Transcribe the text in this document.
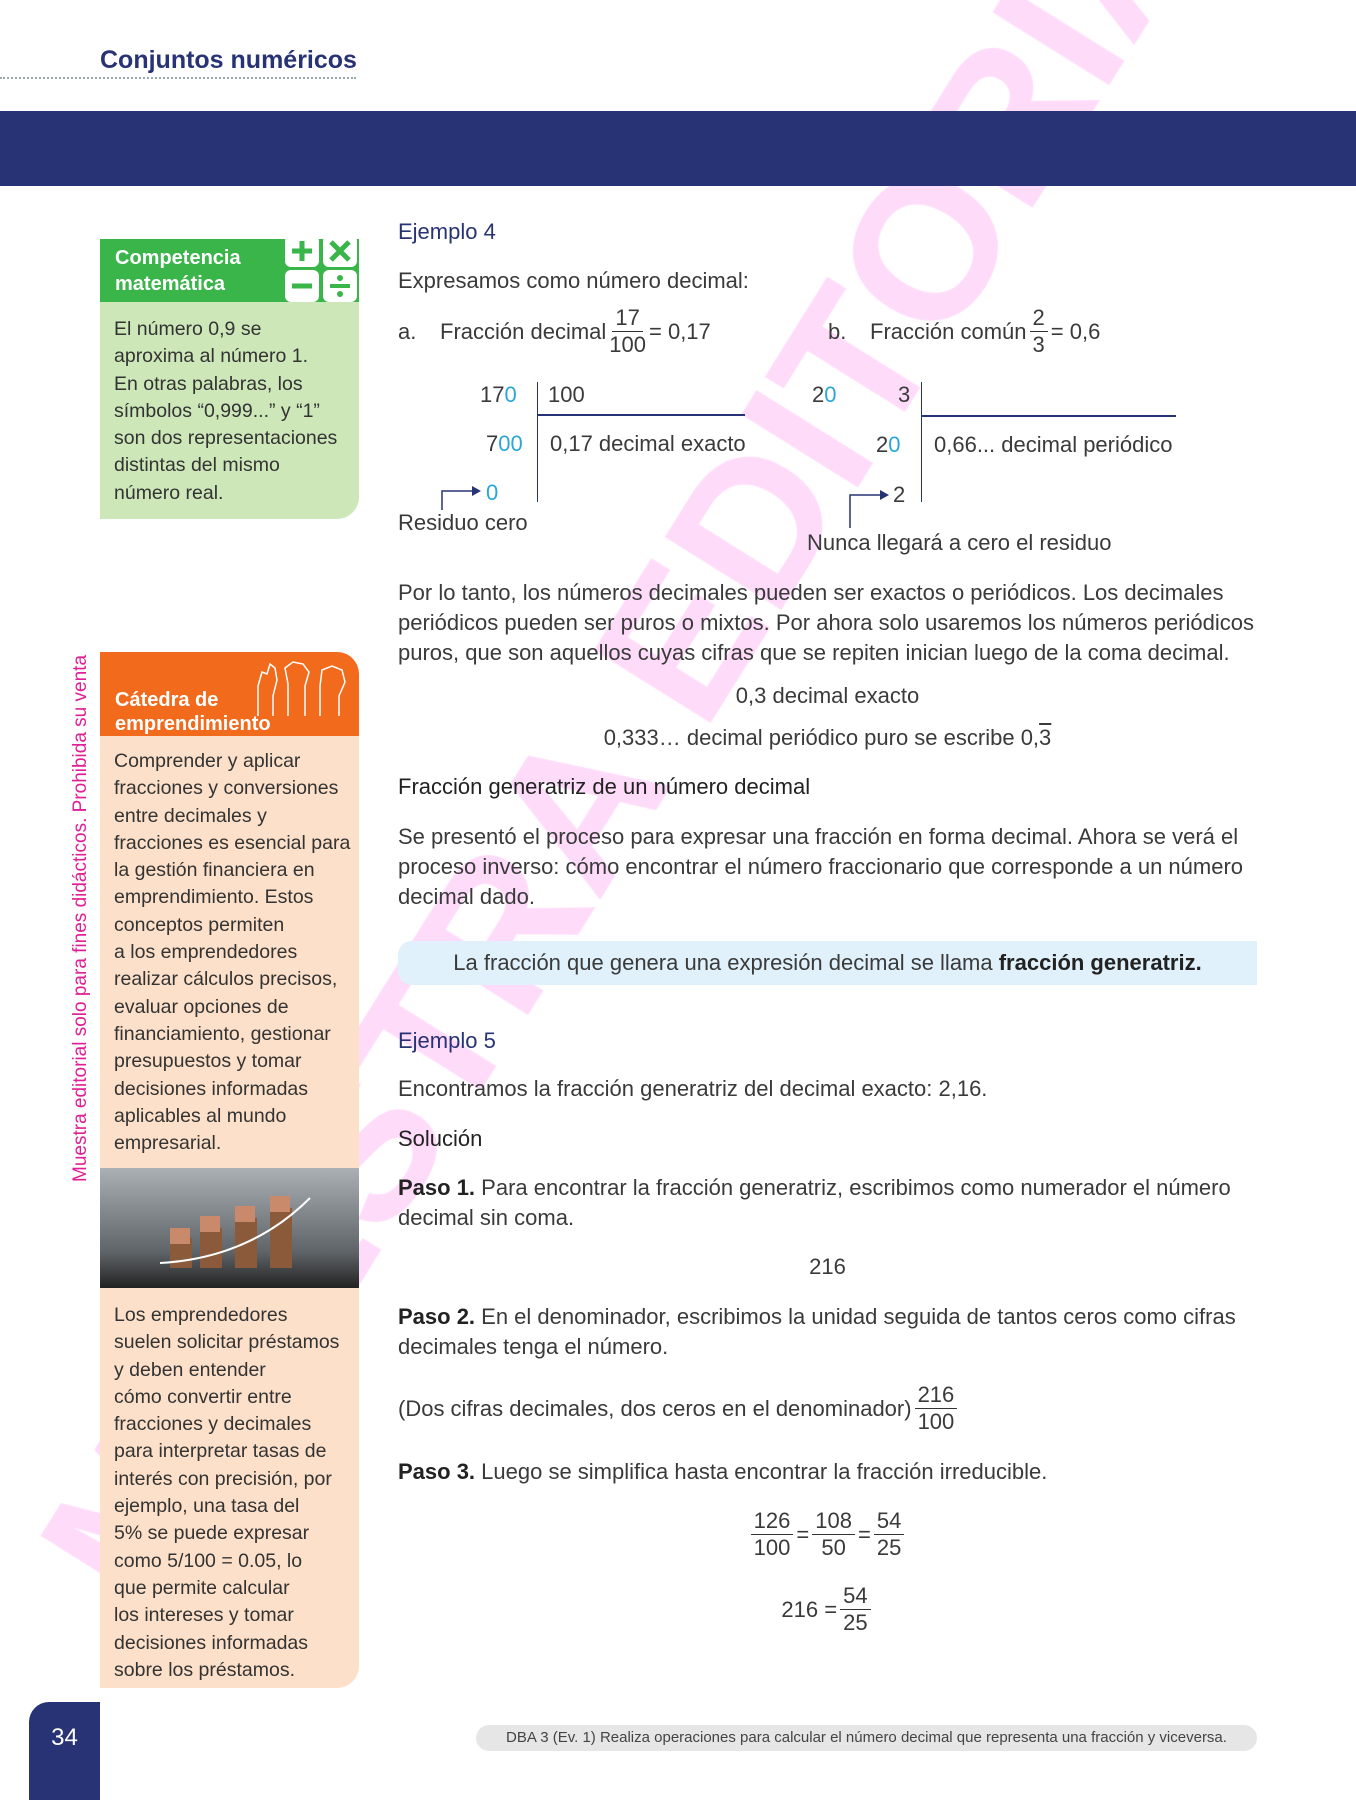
Conjuntos numéricos
Competencia
matemática
El número 0,9 se
aproxima al número 1.
En otras palabras, los
símbolos “0,999...” y “1”
son dos representaciones
distintas del mismo
número real.
Cátedra de
emprendimiento
Comprender y aplicar
fracciones y conversiones
entre decimales y
fracciones es esencial para
la gestión financiera en
emprendimiento. Estos
conceptos permiten
a los emprendedores
realizar cálculos precisos,
evaluar opciones de
financiamiento, gestionar
presupuestos y tomar
decisiones informadas
aplicables al mundo
empresarial.
Los emprendedores
suelen solicitar préstamos
y deben entender
cómo convertir entre
fracciones y decimales
para interpretar tasas de
interés con precisión, por
ejemplo, una tasa del
5% se puede expresar
como 5/100 = 0.05, lo
que permite calcular
los intereses y tomar
decisiones informadas
sobre los préstamos.
Ejemplo 4
Expresamos como número decimal:
a.	Fracción decimal $\frac{17}{100} = 0,17$	b.	Fracción común $\frac{2}{3} = 0,6$
170 100
700 0,17 decimal exacto
0
Residuo cero
20	3
20 0,66... decimal periódico
2
Nunca llegará a cero el residuo
Por lo tanto, los números decimales pueden ser exactos o periódicos. Los decimales
periódicos pueden ser puros o mixtos. Por ahora solo usaremos los números periódicos
puros, que son aquellos cuyas cifras que se repiten inician luego de la coma decimal.
0,3 decimal exacto
0,333… decimal periódico puro se escribe 0,3
Fracción generatriz de un número decimal
Se presentó el proceso para expresar una fracción en forma decimal. Ahora se verá el
proceso inverso: cómo encontrar el número fraccionario que corresponde a un número
decimal dado.
La fracción que genera una expresión decimal se llama fracción generatriz.
Ejemplo 5
Encontramos la fracción generatriz del decimal exacto: 2,16.
Solución
Paso 1. Para encontrar la fracción generatriz, escribimos como numerador el número
decimal sin coma.
216
Paso 2. En el denominador, escribimos la unidad seguida de tantos ceros como cifras
decimales tenga el número.
(Dos cifras decimales, dos ceros en el denominador) $\frac{216}{100}$
Paso 3. Luego se simplifica hasta encontrar la fracción irreducible.
$\frac{126}{100} = \frac{108}{50} = \frac{54}{25}$
$216 = \frac{54}{25}$
34	DBA 3 (Ev. 1) Realiza operaciones para calcular el número decimal que representa una fracción y viceversa.
Muestra editorial solo para fines didácticos. Prohibida su venta
